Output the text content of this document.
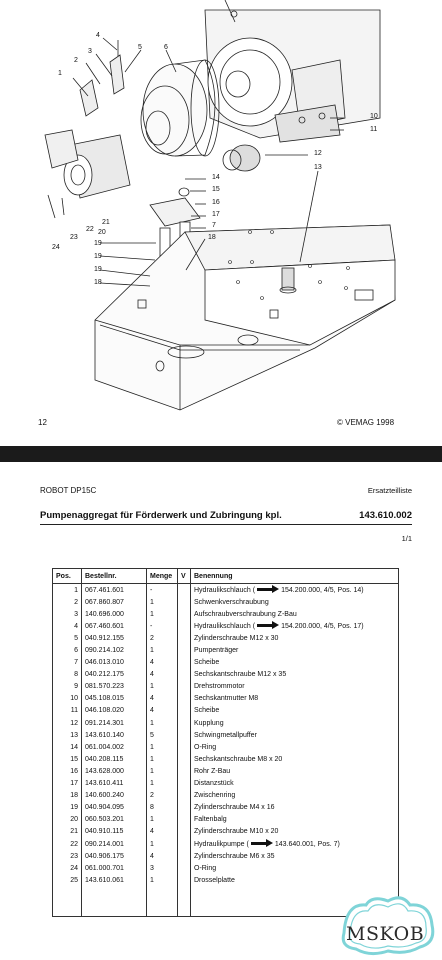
1
2
3
4
5	6
10
11
12
13
14
15
16
17
18
7
20
21
22
23
24
19
19
19
18
12	© VEMAG 1998
ROBOT DP15C	Ersatzteilliste
Pumpenaggregat für Förderwerk und Zubringung kpl.	143.610.002
1/1
Pos.	Bestellnr.	Menge	V	Benennung
1	067.461.601	-		Hydraulikschlauch ( 154.200.000, 4/5, Pos. 14)
2	067.860.807	1		Schwenkverschraubung
3	140.696.000	1		Aufschraubverschraubung Z-Bau
4	067.460.601	-		Hydraulikschlauch ( 154.200.000, 4/5, Pos. 17)
5	040.912.155	2		Zylinderschraube M12 x 30
6	090.214.102	1		Pumpenträger
7	046.013.010	4		Scheibe
8	040.212.175	4		Sechskantschraube M12 x 35
9	081.570.223	1		Drehstrommotor
10	045.108.015	4		Sechskantmutter M8
11	046.108.020	4		Scheibe
12	091.214.301	1		Kupplung
13	143.610.140	5		Schwingmetallpuffer
14	061.004.002	1		O-Ring
15	040.208.115	1		Sechskantschraube M8 x 20
16	143.628.000	1		Rohr Z-Bau
17	143.610.411	1		Distanzstück
18	140.600.240	2		Zwischenring
19	040.904.095	8		Zylinderschraube M4 x 16
20	060.503.201	1		Faltenbalg
21	040.910.115	4		Zylinderschraube M10 x 20
22	090.214.001	1		Hydraulikpumpe ( 143.640.001, Pos. 7)
23	040.906.175	4		Zylinderschraube M6 x 35
24	061.000.701	3		O-Ring
25	143.610.061	1		Drosselplatte

MSKOB
